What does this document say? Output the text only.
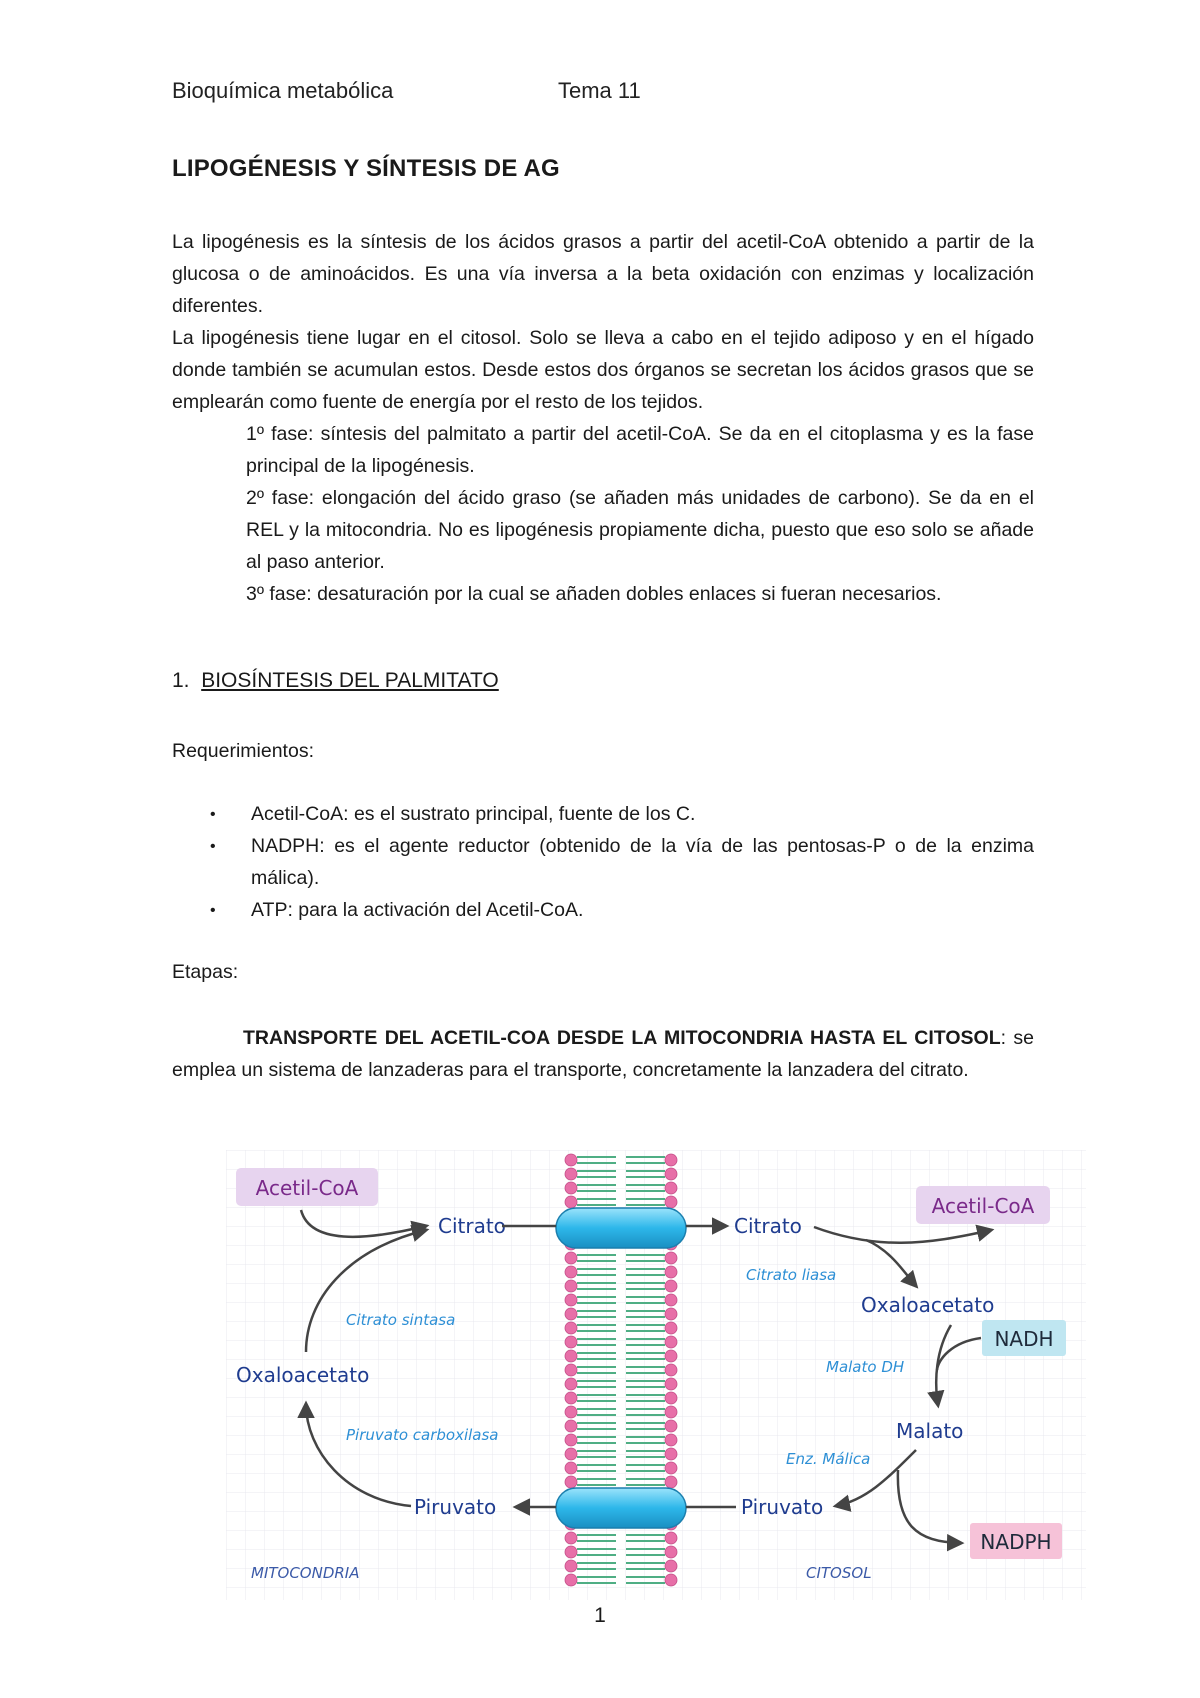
Bioquímica metabólica	Tema 11
LIPOGÉNESIS Y SÍNTESIS DE AG
La lipogénesis es la síntesis de los ácidos grasos a partir del acetil-CoA obtenido a partir de la glucosa o de aminoácidos. Es una vía inversa a la beta oxidación con enzimas y localización diferentes.
La lipogénesis tiene lugar en el citosol. Solo se lleva a cabo en el tejido adiposo y en el hígado donde también se acumulan estos. Desde estos dos órganos se secretan los ácidos grasos que se emplearán como fuente de energía por el resto de los tejidos.
1º fase: síntesis del palmitato a partir del acetil-CoA. Se da en el citoplasma y es la fase principal de la lipogénesis.
2º fase: elongación del ácido graso (se añaden más unidades de carbono). Se da en el REL y la mitocondria. No es lipogénesis propiamente dicha, puesto que eso solo se añade al paso anterior.
3º fase: desaturación por la cual se añaden dobles enlaces si fueran necesarios.
1. BIOSÍNTESIS DEL PALMITATO
Requerimientos:
• Acetil-CoA: es el sustrato principal, fuente de los C.
• NADPH: es el agente reductor (obtenido de la vía de las pentosas-P o de la enzima málica).
• ATP: para la activación del Acetil-CoA.
Etapas:
TRANSPORTE DEL ACETIL-COA DESDE LA MITOCONDRIA HASTA EL CITOSOL: se emplea un sistema de lanzaderas para el transporte, concretamente la lanzadera del citrato.
Acetil-CoA
Citrato
Citrato sintasa
Oxaloacetato
Piruvato carboxilasa
Piruvato
MITOCONDRIA
Citrato
Acetil-CoA
Citrato liasa
Oxaloacetato
NADH
Malato DH
Malato
Enz. Málica
Piruvato
NADPH
CITOSOL
1
